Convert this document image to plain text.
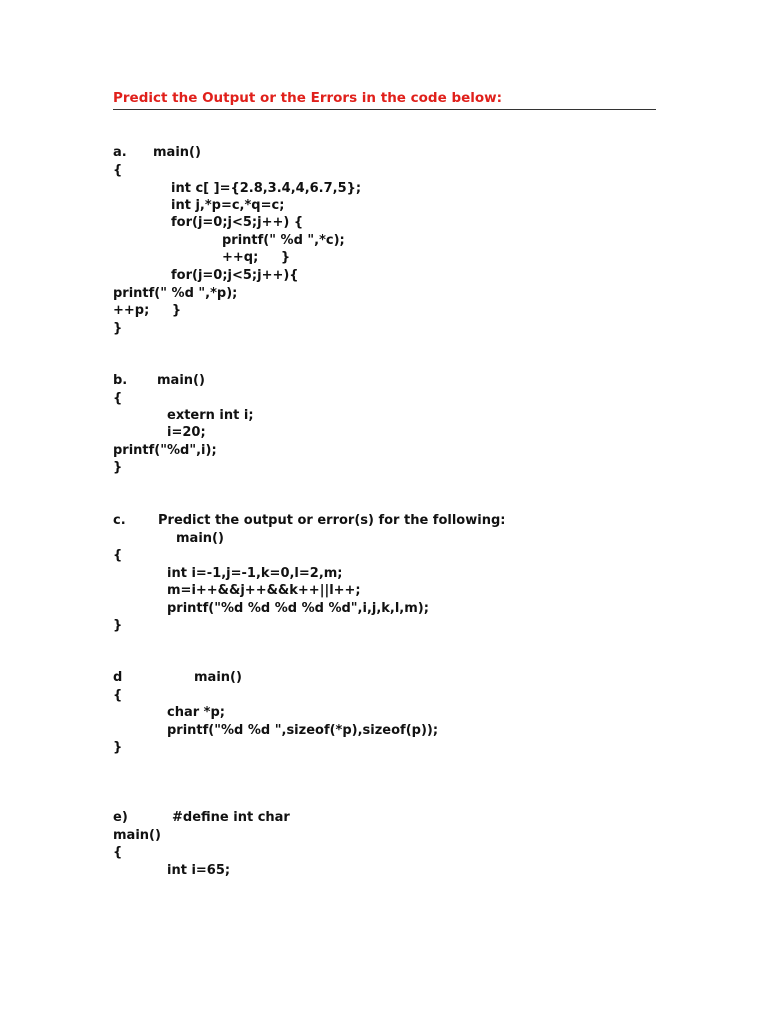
Predict the Output or the Errors in the code below:
a. main()
{
int c[ ]={2.8,3.4,4,6.7,5};
int j,*p=c,*q=c;
for(j=0;j<5;j++) {
printf(" %d ",*c);
++q;     }
for(j=0;j<5;j++){
printf(" %d ",*p);
++p;     }
}
b. main()
{
extern int i;
i=20;
printf("%d",i);
}
c. Predict the output or error(s) for the following:
main()
{
int i=-1,j=-1,k=0,l=2,m;
m=i++&&j++&&k++||l++;
printf("%d %d %d %d %d",i,j,k,l,m);
}
d	main()
{
char *p;
printf("%d %d ",sizeof(*p),sizeof(p));
}
e)	#define int char
main()
{
int i=65;
